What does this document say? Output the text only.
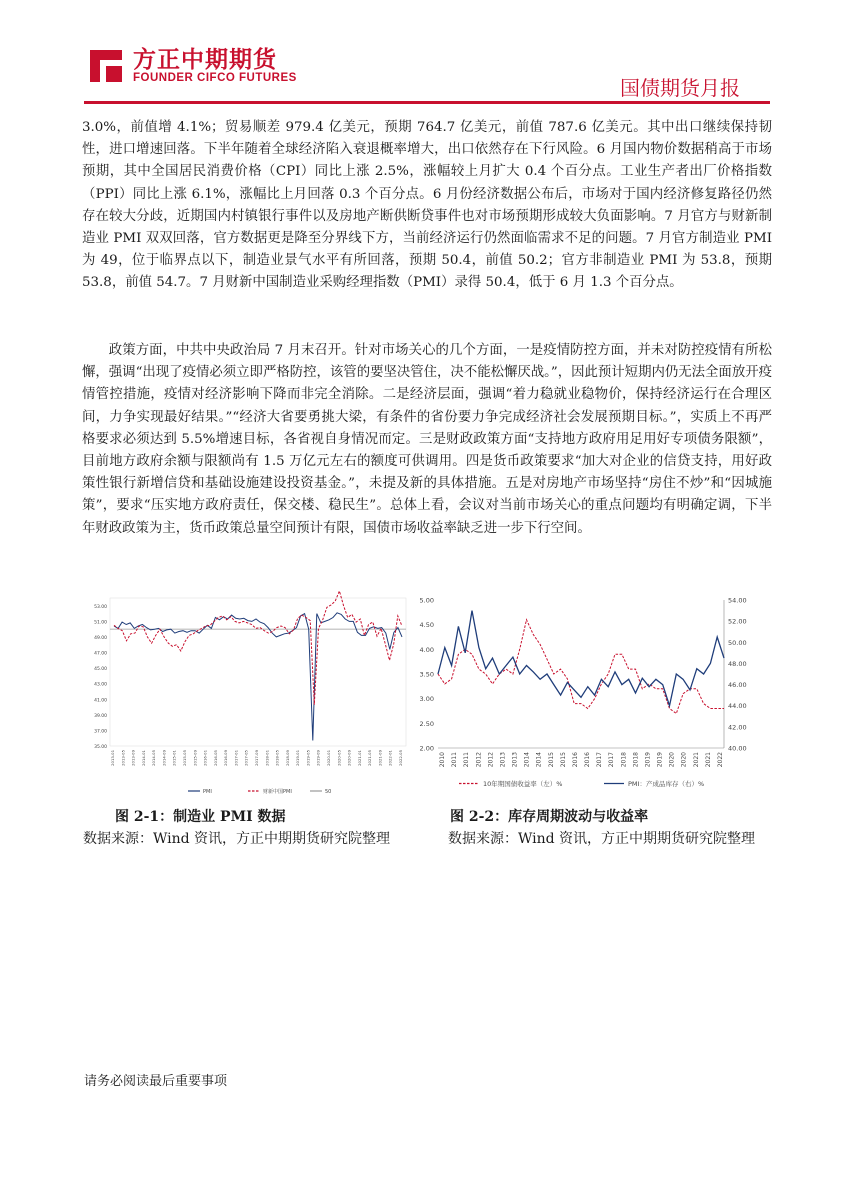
方正中期期货
FOUNDER CIFCO FUTURES	国债期货月报
3.0%，前值增 4.1%；贸易顺差 979.4 亿美元，预期 764.7 亿美元，前值 787.6 亿美元。其中出口继续保持韧性，进口增速回落。下半年随着全球经济陷入衰退概率增大，出口依然存在下行风险。6 月国内物价数据稍高于市场预期，其中全国居民消费价格（CPI）同比上涨 2.5%，涨幅较上月扩大 0.4 个百分点。工业生产者出厂价格指数（PPI）同比上涨 6.1%，涨幅比上月回落 0.3 个百分点。6 月份经济数据公布后，市场对于国内经济修复路径仍然存在较大分歧，近期国内村镇银行事件以及房地产断供断贷事件也对市场预期形成较大负面影响。7 月官方与财新制造业 PMI 双双回落，官方数据更是降至分界线下方，当前经济运行仍然面临需求不足的问题。7 月官方制造业 PMI 为 49，位于临界点以下，制造业景气水平有所回落，预期 50.4，前值 50.2；官方非制造业 PMI 为 53.8，预期 53.8，前值 54.7。7 月财新中国制造业采购经理指数（PMI）录得 50.4，低于 6 月 1.3 个百分点。
政策方面，中共中央政治局 7 月末召开。针对市场关心的几个方面，一是疫情防控方面，并未对防控疫情有所松懈，强调“出现了疫情必须立即严格防控，该管的要坚决管住，决不能松懈厌战。”，因此预计短期内仍无法全面放开疫情管控措施，疫情对经济影响下降而非完全消除。二是经济层面，强调“着力稳就业稳物价，保持经济运行在合理区间，力争实现最好结果。”“经济大省要勇挑大梁，有条件的省份要力争完成经济社会发展预期目标。”，实质上不再严格要求必须达到 5.5%增速目标，各省视自身情况而定。三是财政政策方面“支持地方政府用足用好专项债务限额”，目前地方政府余额与限额尚有 1.5 万亿元左右的额度可供调用。四是货币政策要求“加大对企业的信贷支持，用好政策性银行新增信贷和基础设施建设投资基金。”，未提及新的具体措施。五是对房地产市场坚持“房住不炒”和“因城施策”，要求“压实地方政府责任，保交楼、稳民生”。总体上看，会议对当前市场关心的重点问题均有明确定调，下半年财政政策为主，货币政策总量空间预计有限，国债市场收益率缺乏进一步下行空间。
53.00
51.00
49.00
47.00
45.00
43.00
41.00
39.00
37.00
35.00
2013-01 2013-05 2013-09 2014-01 2014-05 2014-09 2015-01 2015-05 2015-09 2016-01 2016-05 2016-09 2017-01 2017-05 2017-09 2018-01 2018-05 2018-09 2019-01 2019-05 2019-09 2020-01 2020-05 2020-09 2021-01 2021-05 2021-09 2022-01 2022-05
PMI	财新中国PMI	50
5.00
4.50
4.00
3.50
3.00
2.50
2.00
54.00
52.00
50.00
48.00
46.00
44.00
42.00
40.00
2010 2011 2011 2012 2012 2013 2013 2014 2014 2015 2015 2016 2016 2017 2017 2018 2018 2019 2019 2020 2020 2021 2021 2022
10年期国债收益率（左）%	PMI：产成品库存（右）%
图 2-1：制造业 PMI 数据
数据来源：Wind 资讯，方正中期期货研究院整理
图 2-2：库存周期波动与收益率
数据来源：Wind 资讯，方正中期期货研究院整理
请务必阅读最后重要事项
